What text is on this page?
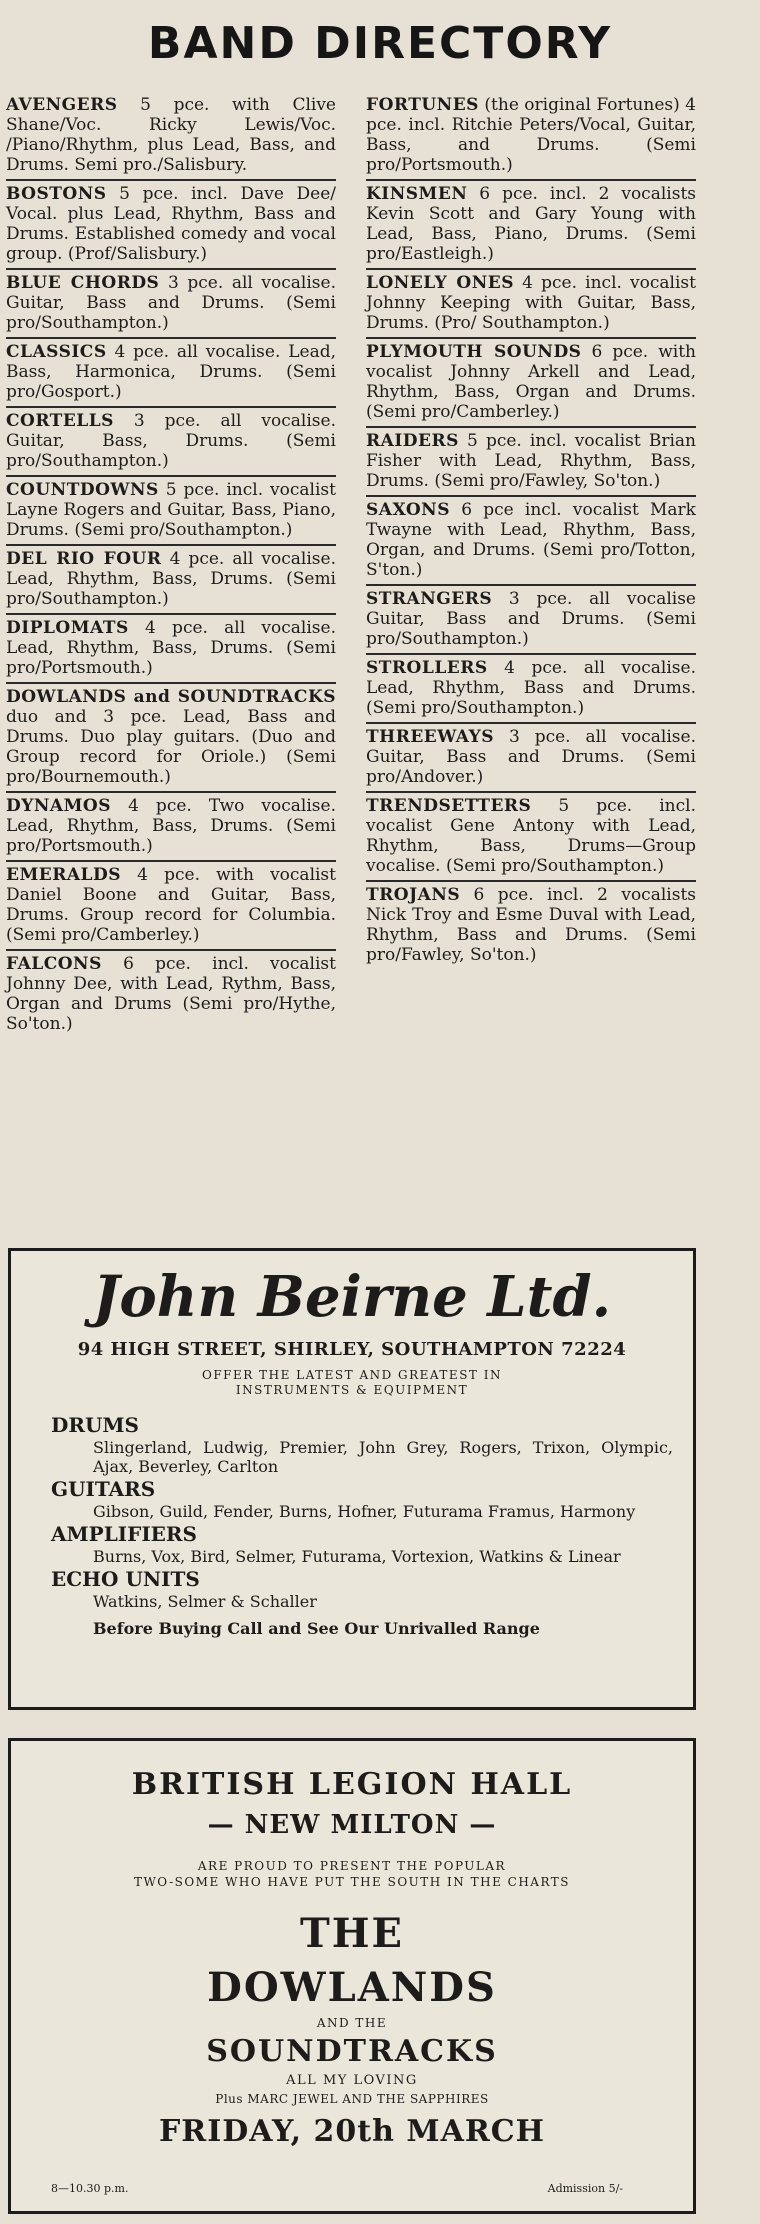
BAND DIRECTORY
AVENGERS 5 pce. with Clive Shane/Voc. Ricky Lewis/Voc. /Piano/Rhythm, plus Lead, Bass, and Drums. Semi pro./Salisbury.
BOSTONS 5 pce. incl. Dave Dee/ Vocal. plus Lead, Rhythm, Bass and Drums. Established comedy and vocal group. (Prof/Salisbury.)
BLUE CHORDS 3 pce. all vocalise. Guitar, Bass and Drums. (Semi pro/Southampton.)
CLASSICS 4 pce. all vocalise. Lead, Bass, Harmonica, Drums. (Semi pro/Gosport.)
CORTELLS 3 pce. all vocalise. Guitar, Bass, Drums. (Semi pro/Southampton.)
COUNTDOWNS 5 pce. incl. vocalist Layne Rogers and Guitar, Bass, Piano, Drums. (Semi pro/Southampton.)
DEL RIO FOUR 4 pce. all vocalise. Lead, Rhythm, Bass, Drums. (Semi pro/Southampton.)
DIPLOMATS 4 pce. all vocalise. Lead, Rhythm, Bass, Drums. (Semi pro/Portsmouth.)
DOWLANDS and SOUNDTRACKS duo and 3 pce. Lead, Bass and Drums. Duo play guitars. (Duo and Group record for Oriole.) (Semi pro/Bournemouth.)
DYNAMOS 4 pce. Two vocalise. Lead, Rhythm, Bass, Drums. (Semi pro/Portsmouth.)
EMERALDS 4 pce. with vocalist Daniel Boone and Guitar, Bass, Drums. Group record for Columbia. (Semi pro/Camberley.)
FALCONS 6 pce. incl. vocalist Johnny Dee, with Lead, Rythm, Bass, Organ and Drums (Semi pro/Hythe, So'ton.)
FORTUNES (the original Fortunes) 4 pce. incl. Ritchie Peters/Vocal, Guitar, Bass, and Drums. (Semi pro/Portsmouth.)
KINSMEN 6 pce. incl. 2 vocalists Kevin Scott and Gary Young with Lead, Bass, Piano, Drums. (Semi pro/Eastleigh.)
LONELY ONES 4 pce. incl. vocalist Johnny Keeping with Guitar, Bass, Drums. (Pro/ Southampton.)
PLYMOUTH SOUNDS 6 pce. with vocalist Johnny Arkell and Lead, Rhythm, Bass, Organ and Drums. (Semi pro/Camberley.)
RAIDERS 5 pce. incl. vocalist Brian Fisher with Lead, Rhythm, Bass, Drums. (Semi pro/Fawley, So'ton.)
SAXONS 6 pce incl. vocalist Mark Twayne with Lead, Rhythm, Bass, Organ, and Drums. (Semi pro/Totton, S'ton.)
STRANGERS 3 pce. all vocalise Guitar, Bass and Drums. (Semi pro/Southampton.)
STROLLERS 4 pce. all vocalise. Lead, Rhythm, Bass and Drums. (Semi pro/Southampton.)
THREEWAYS 3 pce. all vocalise. Guitar, Bass and Drums. (Semi pro/Andover.)
TRENDSETTERS 5 pce. incl. vocalist Gene Antony with Lead, Rhythm, Bass, Drums—Group vocalise. (Semi pro/Southampton.)
TROJANS 6 pce. incl. 2 vocalists Nick Troy and Esme Duval with Lead, Rhythm, Bass and Drums. (Semi pro/Fawley, So'ton.)
John Beirne Ltd.
94 HIGH STREET, SHIRLEY, SOUTHAMPTON 72224
OFFER THE LATEST AND GREATEST IN
INSTRUMENTS & EQUIPMENT
DRUMS
Slingerland, Ludwig, Premier, John Grey, Rogers, Trixon, Olympic, Ajax, Beverley, Carlton
GUITARS
Gibson, Guild, Fender, Burns, Hofner, Futurama Framus, Harmony
AMPLIFIERS
Burns, Vox, Bird, Selmer, Futurama, Vortexion, Watkins & Linear
ECHO UNITS
Watkins, Selmer & Schaller
Before Buying Call and See Our Unrivalled Range
BRITISH LEGION HALL
— NEW MILTON —
ARE PROUD TO PRESENT THE POPULAR
TWO-SOME WHO HAVE PUT THE SOUTH IN THE CHARTS
THE
DOWLANDS
AND THE
SOUNDTRACKS
ALL MY LOVING
Plus MARC JEWEL AND THE SAPPHIRES
FRIDAY, 20th MARCH
8—10.30 p.m.	Admission 5/-
